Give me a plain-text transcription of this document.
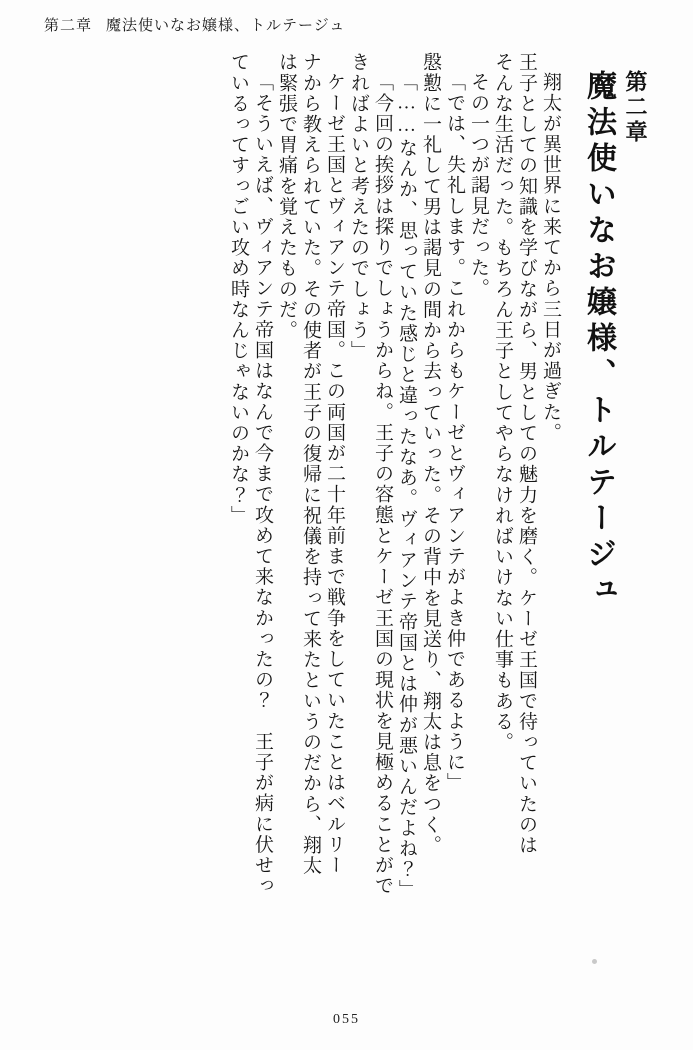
第二章 魔法使いなお嬢様、トルテージュ
第二章
魔法使いなお嬢様、トルテージュ
翔太が異世界に来てから三日が過ぎた。
王子としての知識を学びながら、男としての魅力を磨く。ケーゼ王国で待っていたのは
そんな生活だった。もちろん王子としてやらなければいけない仕事もある。
その一つが謁見だった。
「では、失礼します。これからもケーゼとヴィアンテがよき仲であるように」
慇懃に一礼して男は謁見の間から去っていった。その背中を見送り、翔太は息をつく。
「……なんか、思っていた感じと違ったなあ。ヴィアンテ帝国とは仲が悪いんだよね？」
「今回の挨拶は探りでしょうからね。王子の容態とケーゼ王国の現状を見極めることがで
きればよいと考えたのでしょう」
ケーゼ王国とヴィアンテ帝国。この両国が二十年前まで戦争をしていたことはベルリー
ナから教えられていた。その使者が王子の復帰に祝儀を持って来たというのだから、翔太
は緊張で胃痛を覚えたものだ。
「そういえば、ヴィアンテ帝国はなんで今まで攻めて来なかったの？　王子が病に伏せっ
ているってすっごい攻め時なんじゃないのかな？」
055
